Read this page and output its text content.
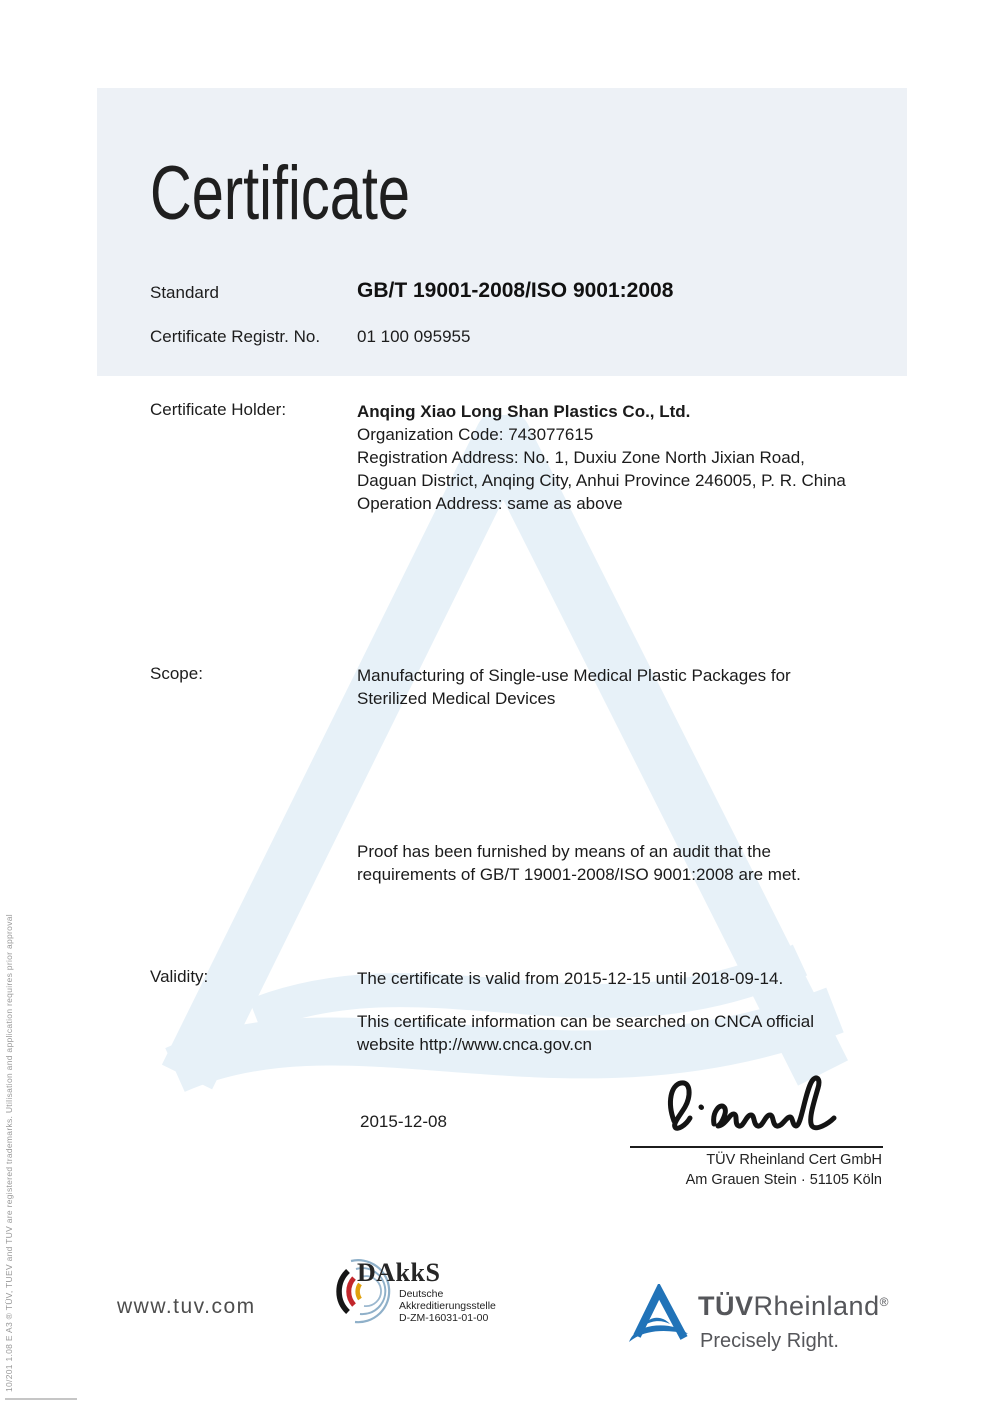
Certificate
Standard	GB/T 19001-2008/ISO 9001:2008
Certificate Registr. No. 01 100 095955
Certificate Holder:	Anqing Xiao Long Shan Plastics Co., Ltd.
Organization Code: 743077615
Registration Address: No. 1, Duxiu Zone North Jixian Road,
Daguan District, Anqing City, Anhui Province 246005, P. R. China
Operation Address: same as above
Scope:	Manufacturing of Single-use Medical Plastic Packages for
Sterilized Medical Devices
Proof has been furnished by means of an audit that the
requirements of GB/T 19001-2008/ISO 9001:2008 are met.
Validity:	The certificate is valid from 2015-12-15 until 2018-09-14.
This certificate information can be searched on CNCA official
website http://www.cnca.gov.cn
2015-12-08
TÜV Rheinland Cert GmbH
Am Grauen Stein · 51105 Köln
www.tuv.com
DAkkS
Deutsche
Akkreditierungsstelle
D-ZM-16031-01-00	TÜVRheinland®
Precisely Right.
10/201 1.08 E A3 ® TÜV, TUEV and TUV are registered trademarks. Utilisation and application requires prior approval
